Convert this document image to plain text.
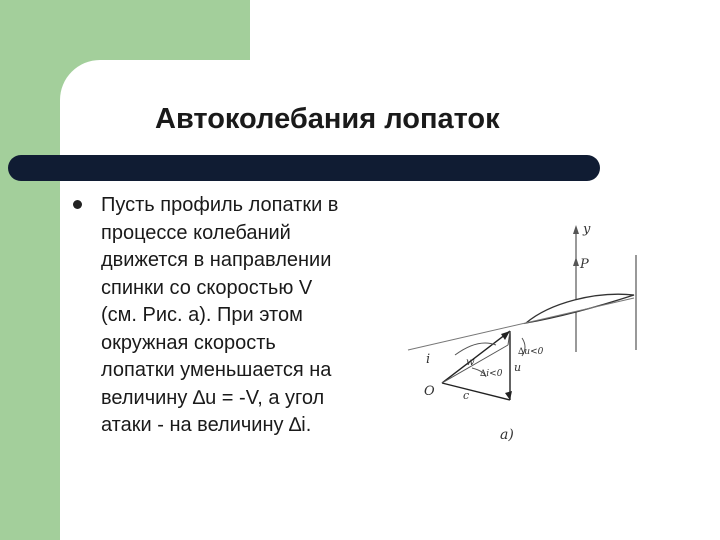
Автоколебания лопаток
Пусть профиль лопатки в
процессе колебаний
движется в направлении
спинки со скоростью V
(см. Рис. а). При этом
окружная скорость
лопатки уменьшается на
величину ∆u = -V, а угол
атаки - на величину ∆i.
y
P
∆u<0
∆i<0 u
i	w
O	c
a)
